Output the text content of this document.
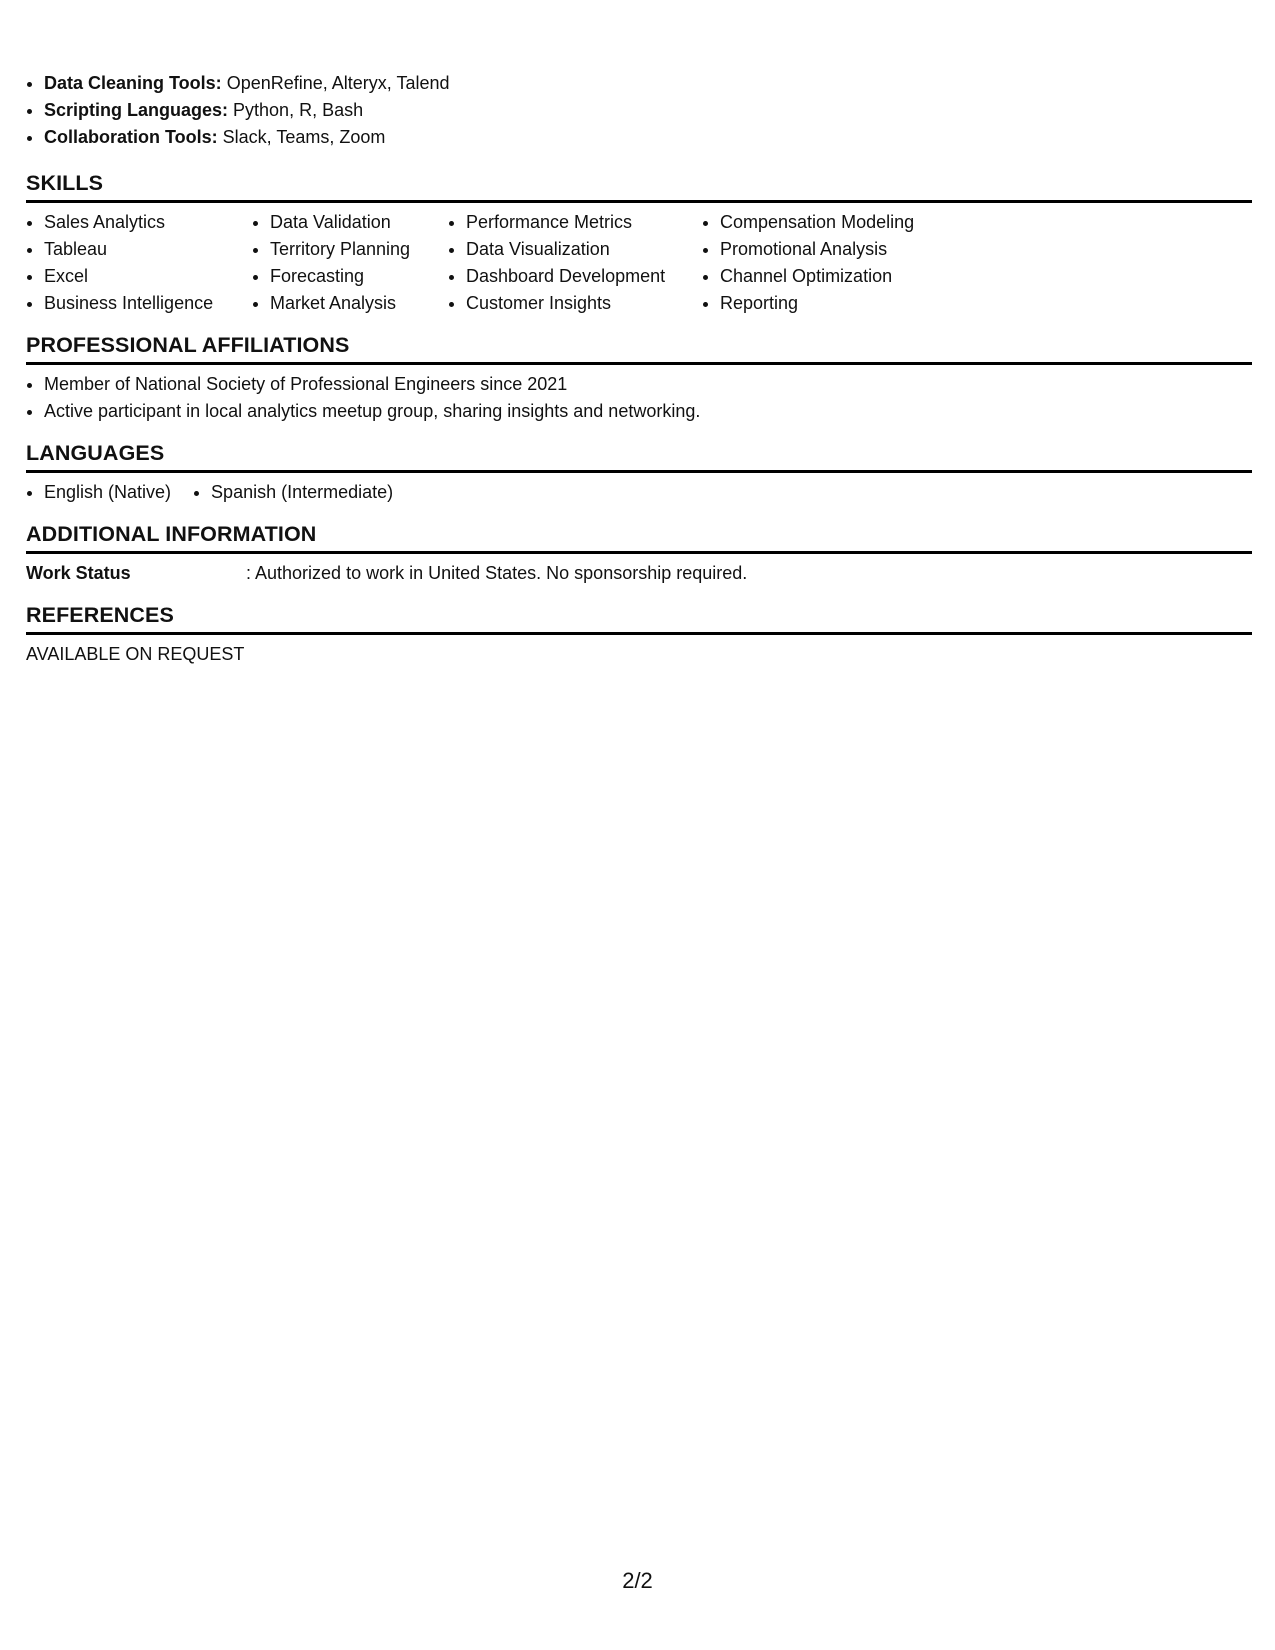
• Data Cleaning Tools: OpenRefine, Alteryx, Talend
• Scripting Languages: Python, R, Bash
• Collaboration Tools: Slack, Teams, Zoom
SKILLS
• Sales Analytics
• Tableau
• Excel
• Business Intelligence
• Data Validation
• Territory Planning
• Forecasting
• Market Analysis
• Performance Metrics
• Data Visualization
• Dashboard Development
• Customer Insights
• Compensation Modeling
• Promotional Analysis
• Channel Optimization
• Reporting
PROFESSIONAL AFFILIATIONS
• Member of National Society of Professional Engineers since 2021
• Active participant in local analytics meetup group, sharing insights and networking.
LANGUAGES
• English (Native)
• Spanish (Intermediate)
ADDITIONAL INFORMATION
Work Status	: Authorized to work in United States. No sponsorship required.
REFERENCES
AVAILABLE ON REQUEST
2/2
